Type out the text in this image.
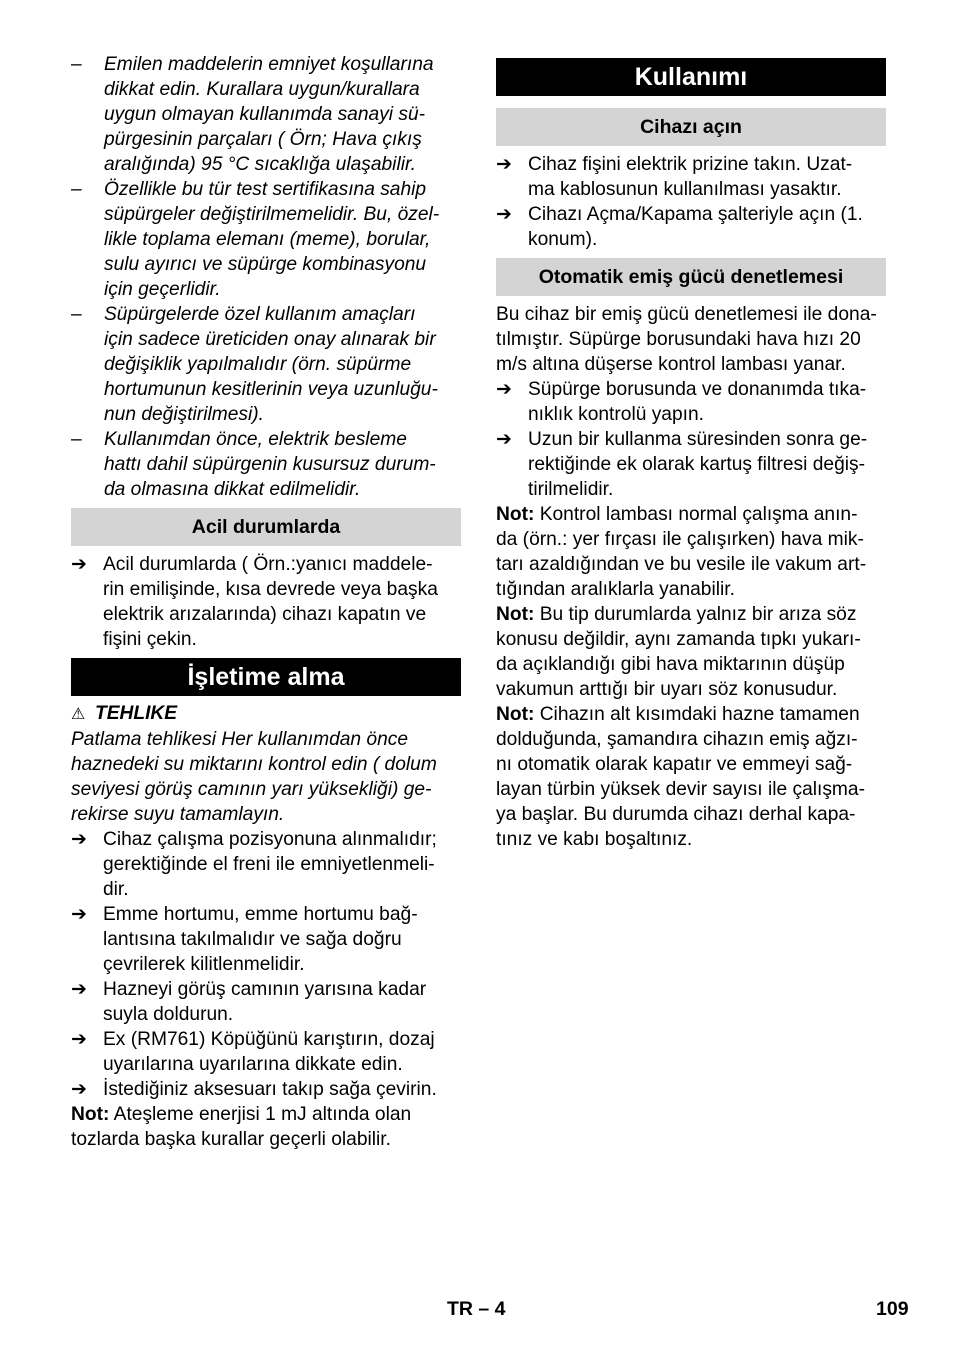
– Emilen maddelerin emniyet koşullarına
dikkat edin. Kurallara uygun/kurallara
uygun olmayan kullanımda sanayi sü-
pürgesinin parçaları ( Örn; Hava çıkış
aralığında) 95 °C sıcaklığa ulaşabilir.
– Özellikle bu tür test sertifikasına sahip
süpürgeler değiştirilmemelidir. Bu, özel-
likle toplama elemanı (meme), borular,
sulu ayırıcı ve süpürge kombinasyonu
için geçerlidir.
– Süpürgelerde özel kullanım amaçları
için sadece üreticiden onay alınarak bir
değişiklik yapılmalıdır (örn. süpürme
hortumunun kesitlerinin veya uzunluğu-
nun değiştirilmesi).
– Kullanımdan önce, elektrik besleme
hattı dahil süpürgenin kusursuz durum-
da olmasına dikkat edilmelidir.
Acil durumlarda
➔ Acil durumlarda ( Örn.:yanıcı maddele-
rin emilişinde, kısa devrede veya başka
elektrik arızalarında) cihazı kapatın ve
fişini çekin.
İşletime alma
⚠ TEHLIKE
Patlama tehlikesi Her kullanımdan önce
haznedeki su miktarını kontrol edin ( dolum
seviyesi görüş camının yarı yüksekliği) ge-
rekirse suyu tamamlayın.
➔ Cihaz çalışma pozisyonuna alınmalıdır;
gerektiğinde el freni ile emniyetlenmeli-
dir.
➔ Emme hortumu, emme hortumu bağ-
lantısına takılmalıdır ve sağa doğru
çevrilerek kilitlenmelidir.
➔ Hazneyi görüş camının yarısına kadar
suyla doldurun.
➔ Ex (RM761) Köpüğünü karıştırın, dozaj
uyarılarına uyarılarına dikkate edin.
➔ İstediğiniz aksesuarı takıp sağa çevirin.
Not: Ateşleme enerjisi 1 mJ altında olan
tozlarda başka kurallar geçerli olabilir.
Kullanımı
Cihazı açın
➔ Cihaz fişini elektrik prizine takın. Uzat-
ma kablosunun kullanılması yasaktır.
➔ Cihazı Açma/Kapama şalteriyle açın (1.
konum).
Otomatik emiş gücü denetlemesi
Bu cihaz bir emiş gücü denetlemesi ile dona-
tılmıştır. Süpürge borusundaki hava hızı 20
m/s altına düşerse kontrol lambası yanar.
➔ Süpürge borusunda ve donanımda tıka-
nıklık kontrolü yapın.
➔ Uzun bir kullanma süresinden sonra ge-
rektiğinde ek olarak kartuş filtresi değiş-
tirilmelidir.
Not: Kontrol lambası normal çalışma anın-
da (örn.: yer fırçası ile çalışırken) hava mik-
tarı azaldığından ve bu vesile ile vakum art-
tığından aralıklarla yanabilir.
Not: Bu tip durumlarda yalnız bir arıza söz
konusu değildir, aynı zamanda tıpkı yukarı-
da açıklandığı gibi hava miktarının düşüp
vakumun arttığı bir uyarı söz konusudur.
Not: Cihazın alt kısımdaki hazne tamamen
dolduğunda, şamandıra cihazın emiş ağzı-
nı otomatik olarak kapatır ve emmeyi sağ-
layan türbin yüksek devir sayısı ile çalışma-
ya başlar. Bu durumda cihazı derhal kapa-
tınız ve kabı boşaltınız.
TR – 4	109
